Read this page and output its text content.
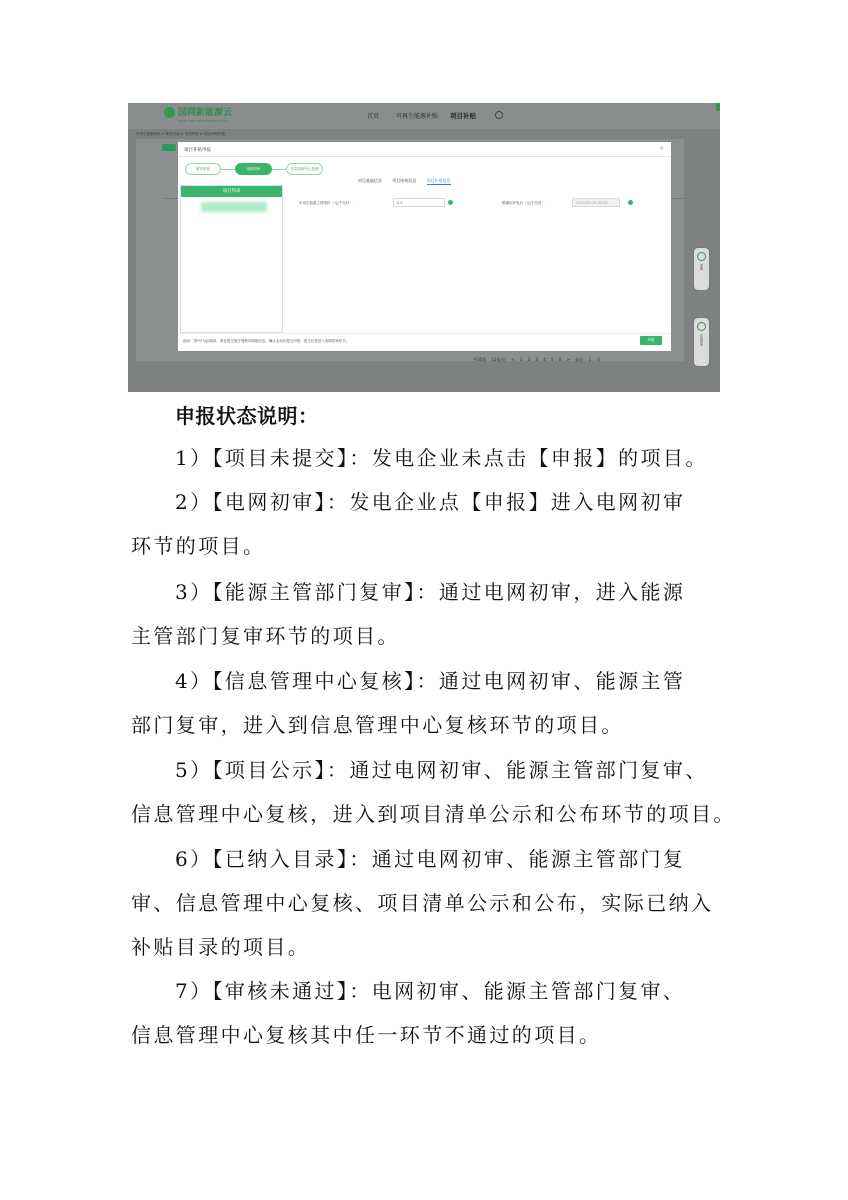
国网新能源云
STATE GRID NEW ENERGY CLOUD
首页	可再生能源补贴 项目补贴
可再生能源补贴 > 补贴目录 > 项目申报 > 项目补贴申报
共10条 10条/页 < 1 2 3 4 5 6 > 前往 1 页
客服
在线咨询
项目补贴申报	×
填写申报	电网初审	信息管理中心复核
项目列表
项目基础信息	项目结构信息	项目补贴信息
可再生能源上网电价（元/千瓦时）：	0.0	燃煤标杆电价（元/千瓦时）：	2024-03-19 00:00
说明：带*号为必填项，请在提交前仔细核对填报信息，确认无误后提交申报，提交后将进入电网初审环节。	申报
申报状态说明：
1）【项目未提交】：发电企业未点击【申报】的项目。
2）【电网初审】：发电企业点【申报】进入电网初审
环节的项目。
3）【能源主管部门复审】：通过电网初审，进入能源
主管部门复审环节的项目。
4）【信息管理中心复核】：通过电网初审、能源主管
部门复审，进入到信息管理中心复核环节的项目。
5）【项目公示】：通过电网初审、能源主管部门复审、
信息管理中心复核，进入到项目清单公示和公布环节的项目。
6）【已纳入目录】：通过电网初审、能源主管部门复
审、信息管理中心复核、项目清单公示和公布，实际已纳入
补贴目录的项目。
7）【审核未通过】：电网初审、能源主管部门复审、
信息管理中心复核其中任一环节不通过的项目。
